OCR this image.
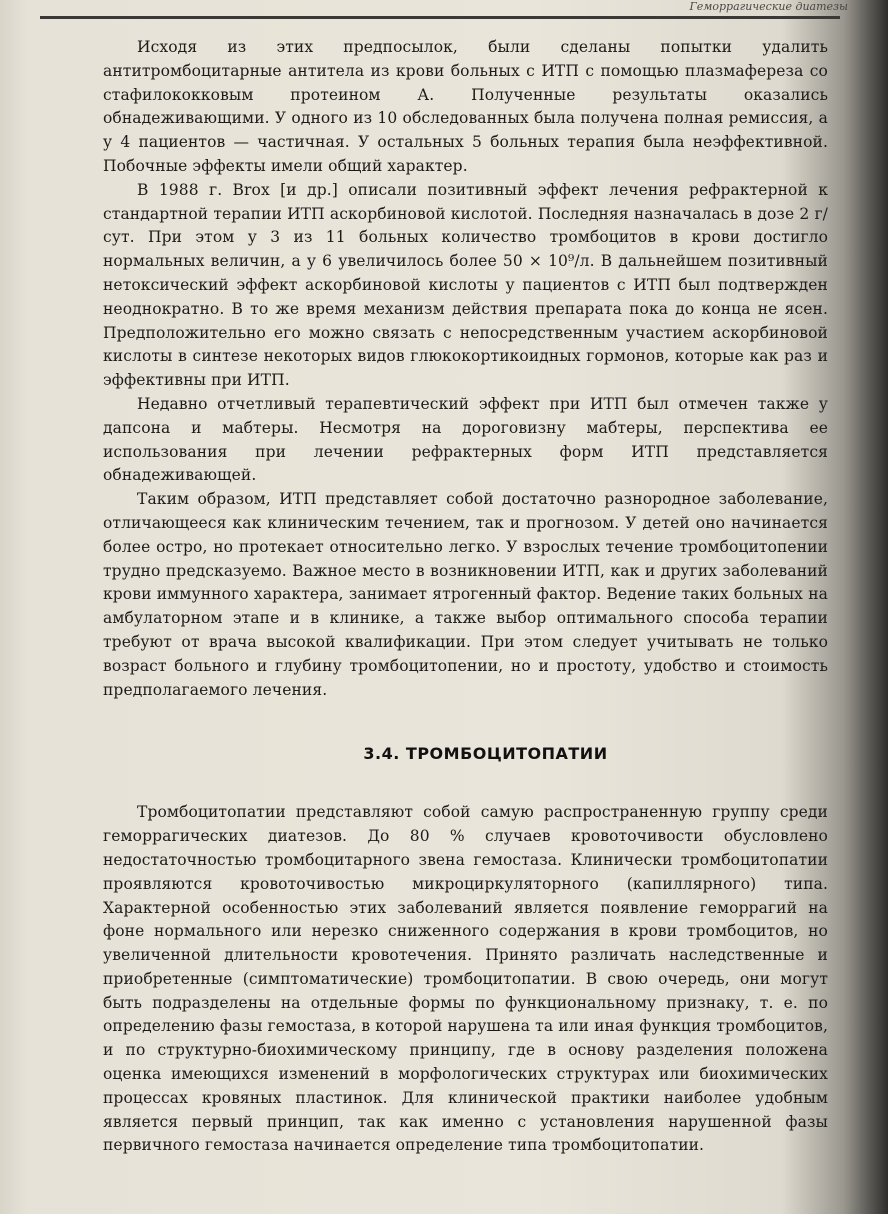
Геморрагические диатезы

Исходя из этих предпосылок, были сделаны попытки удалить антитромбоцитарные антитела из крови больных с ИТП с помощью плазмафереза со стафилококковым протеином А. Полученные результаты оказались обнадеживающими. У одного из 10 обследованных была получена полная ремиссия, а у 4 пациентов — частичная. У остальных 5 больных терапия была неэффективной. Побочные эффекты имели общий характер.

В 1988 г. Brox [и др.] описали позитивный эффект лечения рефрактерной к стандартной терапии ИТП аскорбиновой кислотой. Последняя назначалась в дозе 2 г/сут. При этом у 3 из 11 больных количество тромбоцитов в крови достигло нормальных величин, а у 6 увеличилось более 50 × 10⁹/л. В дальнейшем позитивный нетоксический эффект аскорбиновой кислоты у пациентов с ИТП был подтвержден неоднократно. В то же время механизм действия препарата пока до конца не ясен. Предположительно его можно связать с непосредственным участием аскорбиновой кислоты в синтезе некоторых видов глюкокортикоидных гормонов, которые как раз и эффективны при ИТП.

Недавно отчетливый терапевтический эффект при ИТП был отмечен также у дапсона и мабтеры. Несмотря на дороговизну мабтеры, перспектива ее использования при лечении рефрактерных форм ИТП представляется обнадеживающей.

Таким образом, ИТП представляет собой достаточно разнородное заболевание, отличающееся как клиническим течением, так и прогнозом. У детей оно начинается более остро, но протекает относительно легко. У взрослых течение тромбоцитопении трудно предсказуемо. Важное место в возникновении ИТП, как и других заболеваний крови иммунного характера, занимает ятрогенный фактор. Ведение таких больных на амбулаторном этапе и в клинике, а также выбор оптимального способа терапии требуют от врача высокой квалификации. При этом следует учитывать не только возраст больного и глубину тромбоцитопении, но и простоту, удобство и стоимость предполагаемого лечения.

3.4. ТРОМБОЦИТОПАТИИ

Тромбоцитопатии представляют собой самую распространенную группу среди геморрагических диатезов. До 80 % случаев кровоточивости обусловлено недостаточностью тромбоцитарного звена гемостаза. Клинически тромбоцитопатии проявляются кровоточивостью микроциркуляторного (капиллярного) типа. Характерной особенностью этих заболеваний является появление геморрагий на фоне нормального или нерезко сниженного содержания в крови тромбоцитов, но увеличенной длительности кровотечения. Принято различать наследственные и приобретенные (симптоматические) тромбоцитопатии. В свою очередь, они могут быть подразделены на отдельные формы по функциональному признаку, т. е. по определению фазы гемостаза, в которой нарушена та или иная функция тромбоцитов, и по структурно-биохимическому принципу, где в основу разделения положена оценка имеющихся изменений в морфологических структурах или биохимических процессах кровяных пластинок. Для клинической практики наиболее удобным является первый принцип, так как именно с установления нарушенной фазы первичного гемостаза начинается определение типа тромбоцитопатии.
